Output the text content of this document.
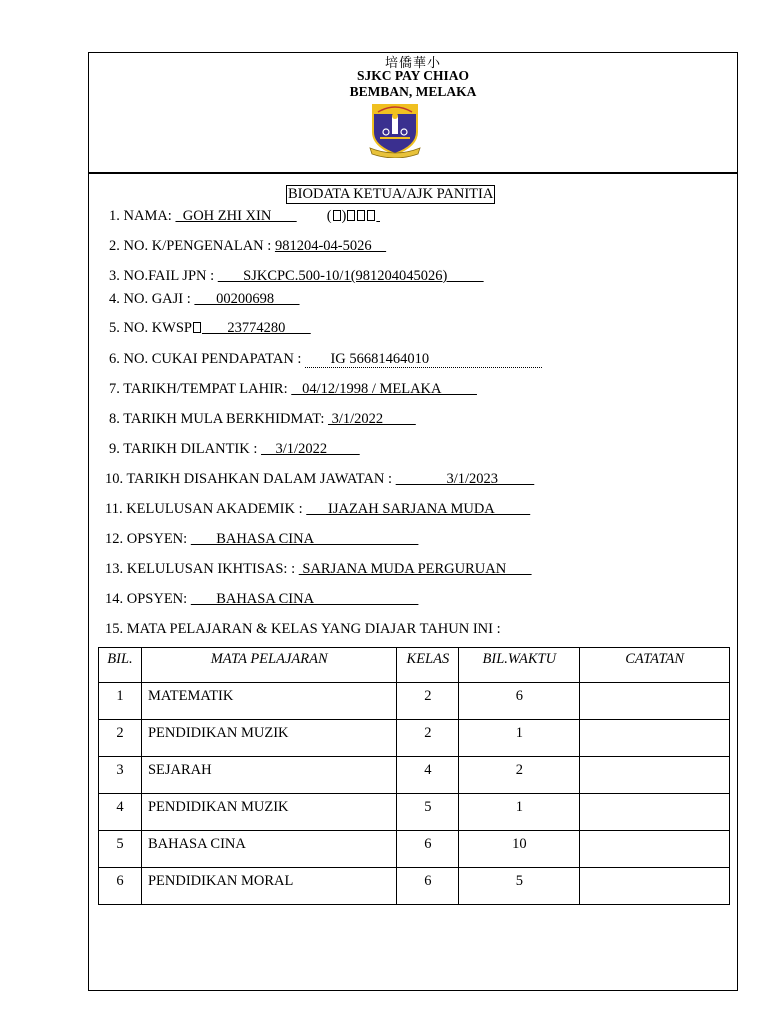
培僑華小
SJKC PAY CHIAO
BEMBAN, MELAKA
BIODATA KETUA/AJK PANITIA
1. NAMA:   GOH ZHI XIN       ( )
2. NO. K/PENGENALAN : 981204-04-5026
3. NO.FAIL JPN :        SJKCPC.500-10/1(981204045026)
4. NO. GAJI :       00200698
5. NO. KWSP       23774280
6. NO. CUKAI PENDAPATAN :        IG 56681464010
7. TARIKH/TEMPAT LAHIR:    04/12/1998 / MELAKA
8. TARIKH MULA BERKHIDMAT:  3/1/2022
9. TARIKH DILANTIK :     3/1/2022
10. TARIKH DISAHKAN DALAM JAWATAN :               3/1/2023
11. KELULUSAN AKADEMIK :       IJAZAH SARJANA MUDA
12. OPSYEN:        BAHASA CINA
13. KELULUSAN IKHTISAS: :  SARJANA MUDA PERGURUAN
14. OPSYEN:        BAHASA CINA
15. MATA PELAJARAN & KELAS YANG DIAJAR TAHUN INI :
BIL.	MATA PELAJARAN	KELAS	BIL.WAKTU	CATATAN
1	MATEMATIK	2	6	
2	PENDIDIKAN MUZIK	2	1	
3	SEJARAH	4	2	
4	PENDIDIKAN MUZIK	5	1	
5	BAHASA CINA	6	10	
6	PENDIDIKAN MORAL	6	5	
